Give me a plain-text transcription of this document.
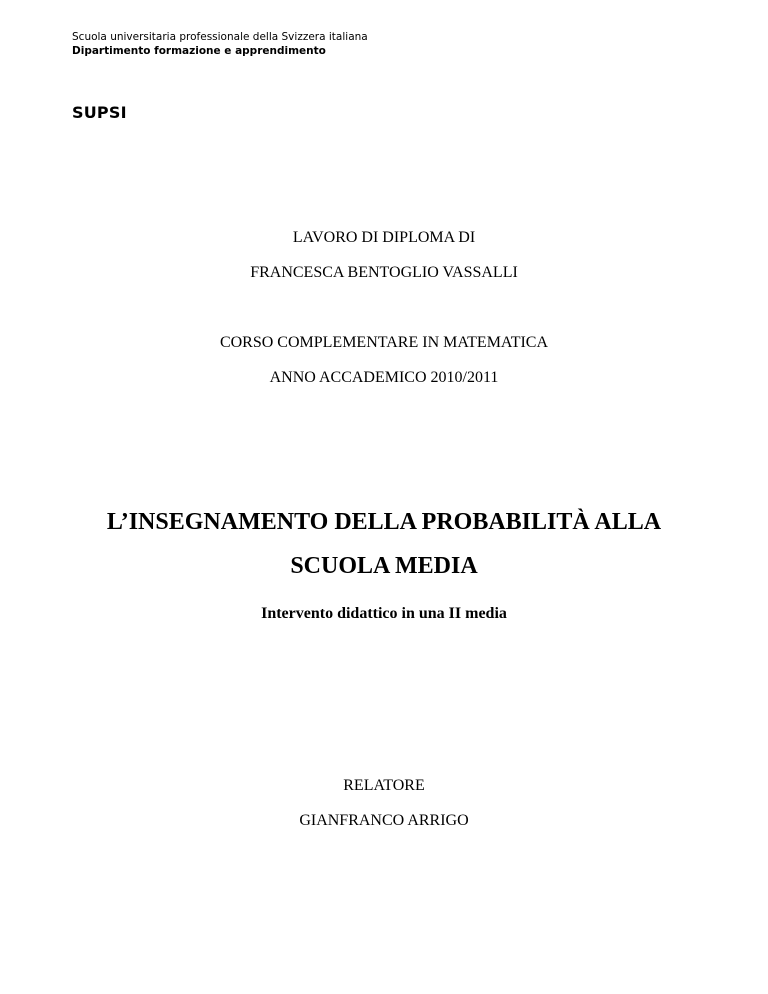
Scuola universitaria professionale della Svizzera italiana
Dipartimento formazione e apprendimento
SUPSI
LAVORO DI DIPLOMA DI
FRANCESCA BENTOGLIO VASSALLI
CORSO COMPLEMENTARE IN MATEMATICA
ANNO ACCADEMICO 2010/2011
L’INSEGNAMENTO DELLA PROBABILITÀ ALLA
SCUOLA MEDIA
Intervento didattico in una II media
RELATORE
GIANFRANCO ARRIGO
